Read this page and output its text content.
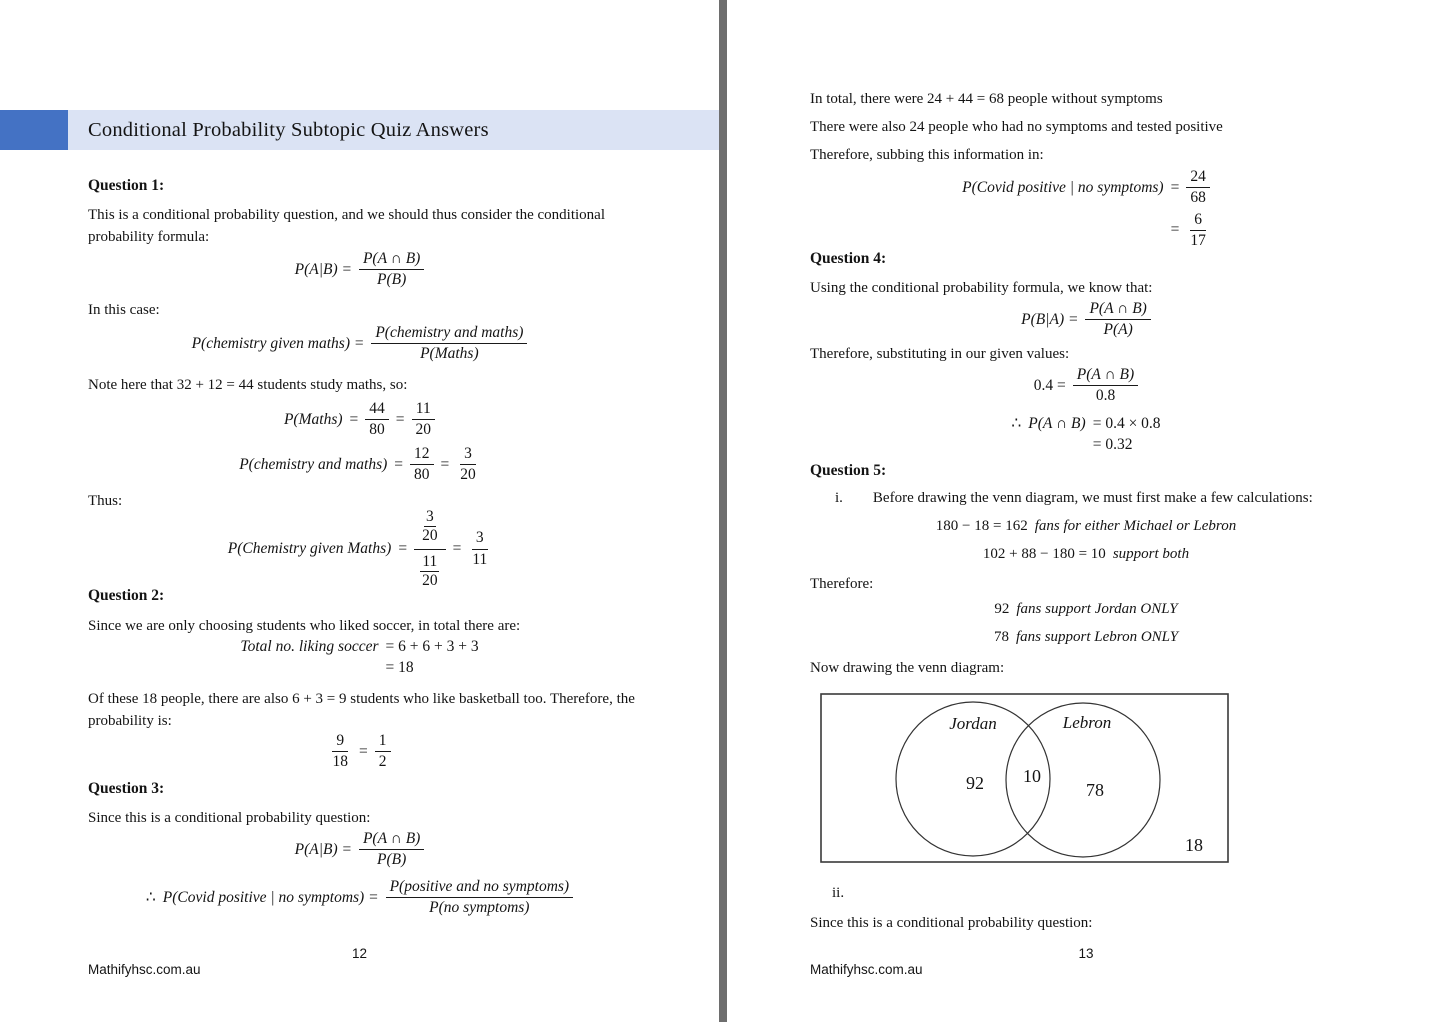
Conditional Probability Subtopic Quiz Answers
Question 1:
This is a conditional probability question, and we should thus consider the conditional probability formula:
$P(A|B) = \frac{P(A \cap B)}{P(B)}$
In this case:
P(chemistry given maths) =
P(chemistry and maths)
P(Maths)
Note here that 32 + 12 = 44 students study maths, so:
P(Maths) = $\frac{44}{80} = \frac{11}{20}$
P(chemistry and maths) = $\frac{12}{80} = \frac{3}{20}$
Thus:
P(Chemistry given Maths) = $\frac{\frac{3}{20}}{\frac{11}{20}} = \frac{3}{11}$
Question 2:
Since we are only choosing students who liked soccer, in total there are:
Total no. liking soccer = 6 + 6 + 3 + 3
= 18
Of these 18 people, there are also 6 + 3 = 9 students who like basketball too. Therefore, the probability is:
$\frac{9}{18} = \frac{1}{2}$
Question 3:
Since this is a conditional probability question:
$P(A|B) = \frac{P(A \cap B)}{P(B)}$
∴ P(Covid positive | no symptoms) =
P(positive and no symptoms)
P(no symptoms)
12
Mathifyhsc.com.au
In total, there were 24 + 44 = 68 people without symptoms
There were also 24 people who had no symptoms and tested positive
Therefore, subbing this information in:
P(Covid positive | no symptoms) = $\frac{24}{68}$
= $\frac{6}{17}$
Question 4:
Using the conditional probability formula, we know that:
$P(B|A) = \frac{P(A \cap B)}{P(A)}$
Therefore, substituting in our given values:
$0.4 = \frac{P(A \cap B)}{0.8}$
∴ P(A ∩ B) = 0.4 × 0.8
= 0.32
Question 5:
i. Before drawing the venn diagram, we must first make a few calculations:
180 − 18 = 162 fans for either Michael or Lebron
102 + 88 − 180 = 10 support both
Therefore:
92 fans support Jordan ONLY
78 fans support Lebron ONLY
Now drawing the venn diagram:
Jordan	Lebron
92 10
78
18
ii.
Since this is a conditional probability question:
13
Mathifyhsc.com.au
